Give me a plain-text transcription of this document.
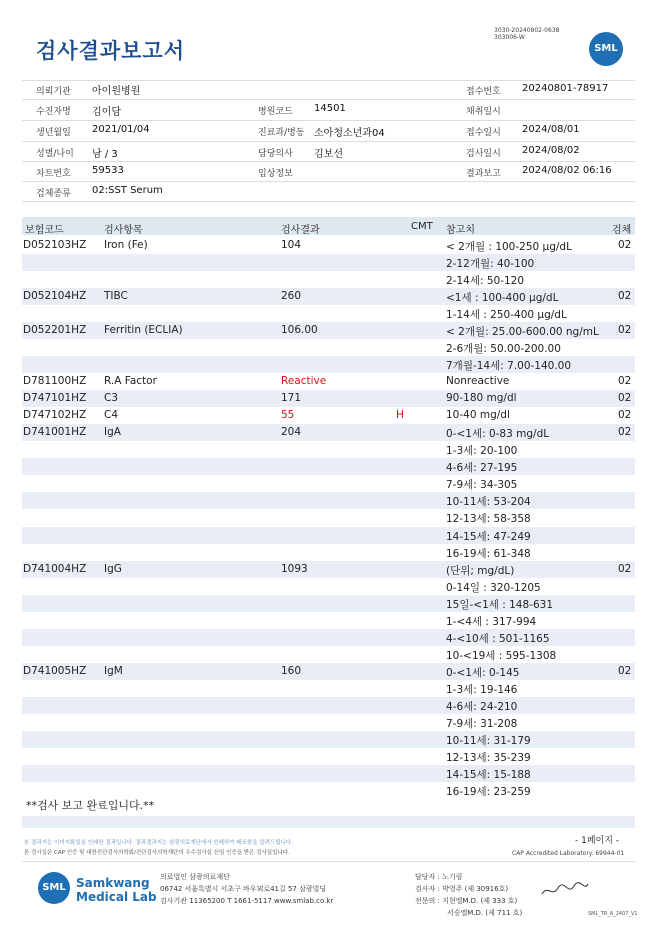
검사결과보고서
3030-20240802-0638
303006-W
SML
의뢰기관 아이원병원	접수번호 20240801-78917
수진자명 김이담	병원코드 14501	채취일시
생년월일 2021/01/04	진료과/병동 소아청소년과04	접수일시 2024/08/01
성별/나이 남 / 3	담당의사 김보선	검사일시 2024/08/02
차트번호 59533	임상정보	결과보고 2024/08/02 06:16
검체종류 02:SST Serum
보험코드	검사항목	검사결과	CMT 참고치	검체
D052103HZ Iron (Fe)	104	< 2개월 : 100-250 μg/dL	02
2-12개월: 40-100
2-14세: 50-120
D052104HZ TIBC	260	<1세 : 100-400 μg/dL	02
1-14세 : 250-400 μg/dL
D052201HZ Ferritin (ECLIA)	106.00	< 2개월: 25.00-600.00 ng/mL 02
2-6개월: 50.00-200.00
7개월-14세: 7.00-140.00
D781100HZ R.A Factor	Reactive	Nonreactive	02
D747101HZ C3	171	90-180 mg/dl	02
D747102HZ C4	55	H	10-40 mg/dl	02
D741001HZ IgA	204	0-<1세: 0-83 mg/dL	02
1-3세: 20-100
4-6세: 27-195
7-9세: 34-305
10-11세: 53-204
12-13세: 58-358
14-15세: 47-249
16-19세: 61-348
D741004HZ IgG	1093	(단위; mg/dL)	02
0-14일 : 320-1205
15일-<1세 : 148-631
1-<4세 : 317-994
4-<10세 : 501-1165
10-<19세 : 595-1308
D741005HZ IgM	160	0-<1세: 0-145	02
1-3세: 19-146
4-6세: 24-210
7-9세: 31-208
10-11세: 31-179
12-13세: 35-239
14-15세: 15-188
16-19세: 23-259
**검사 보고 완료입니다.**
본 결과지는 이미지화일을 인쇄한 결과입니다. 결과결과지는 삼광의료재단에서 인쇄하여 배포함을 알려드립니다.
본 검사실은 CAP 인증 및 대한진단검사의학회/진단검사의학재단의 우수검사실 신임 인증을 받은 검사실입니다.
- 1페이지 -
CAP Accredited Laboratory. 69944-01
SML Samkwang
Medical Lab
의료법인 삼광의료재단
06742 서울특별시 서초구 바우뫼로41길 57 삼광빌딩
검사기관 11365200 T 1661-5117 www.smlab.co.kr
담당자 : 노기림
검사자 : 박영주 (제 30916호)
전문의 : 지현엘M.D. (제 333 호)
서승엘M.D. (제 711 호)	SML_TR_A_2407_V1
